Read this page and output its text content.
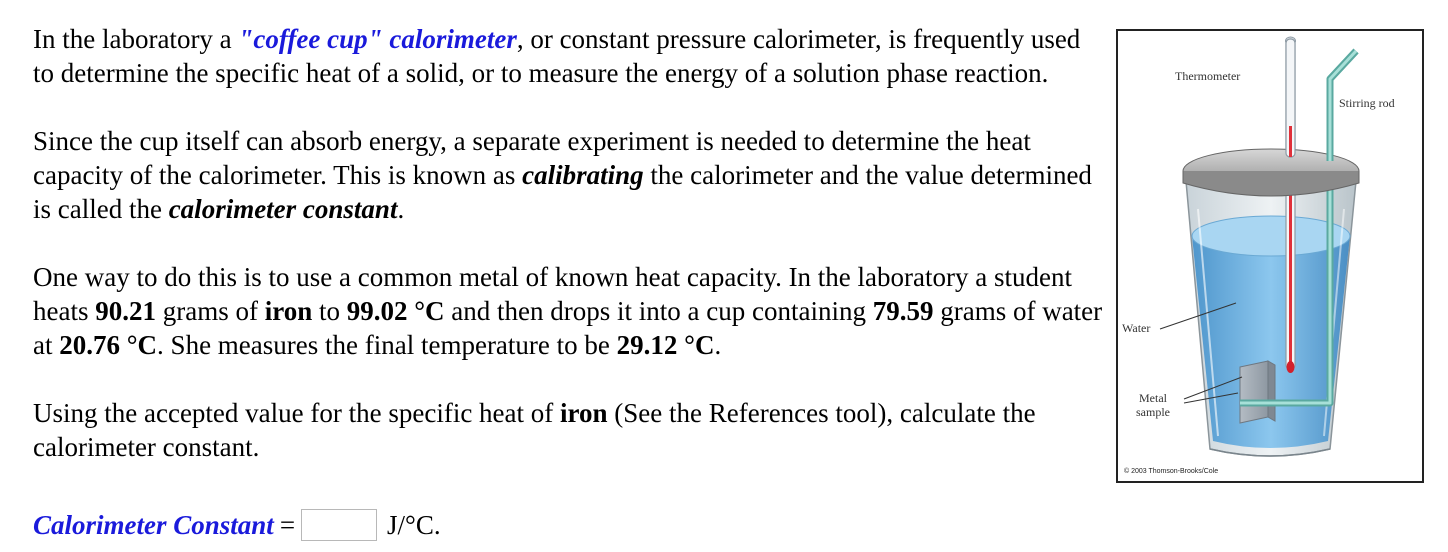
In the laboratory a "coffee cup" calorimeter, or constant pressure calorimeter, is frequently used to determine the specific heat of a solid, or to measure the energy of a solution phase reaction.

Since the cup itself can absorb energy, a separate experiment is needed to determine the heat capacity of the calorimeter. This is known as calibrating the calorimeter and the value determined is called the calorimeter constant.

One way to do this is to use a common metal of known heat capacity. In the laboratory a student heats 90.21 grams of iron to 99.02 °C and then drops it into a cup containing 79.59 grams of water at 20.76 °C. She measures the final temperature to be 29.12 °C.

Using the accepted value for the specific heat of iron (See the References tool), calculate the calorimeter constant.

Calorimeter Constant =	J/°C.
Thermometer
Stirring rod
Water
Metal
sample
© 2003 Thomson-Brooks/Cole
